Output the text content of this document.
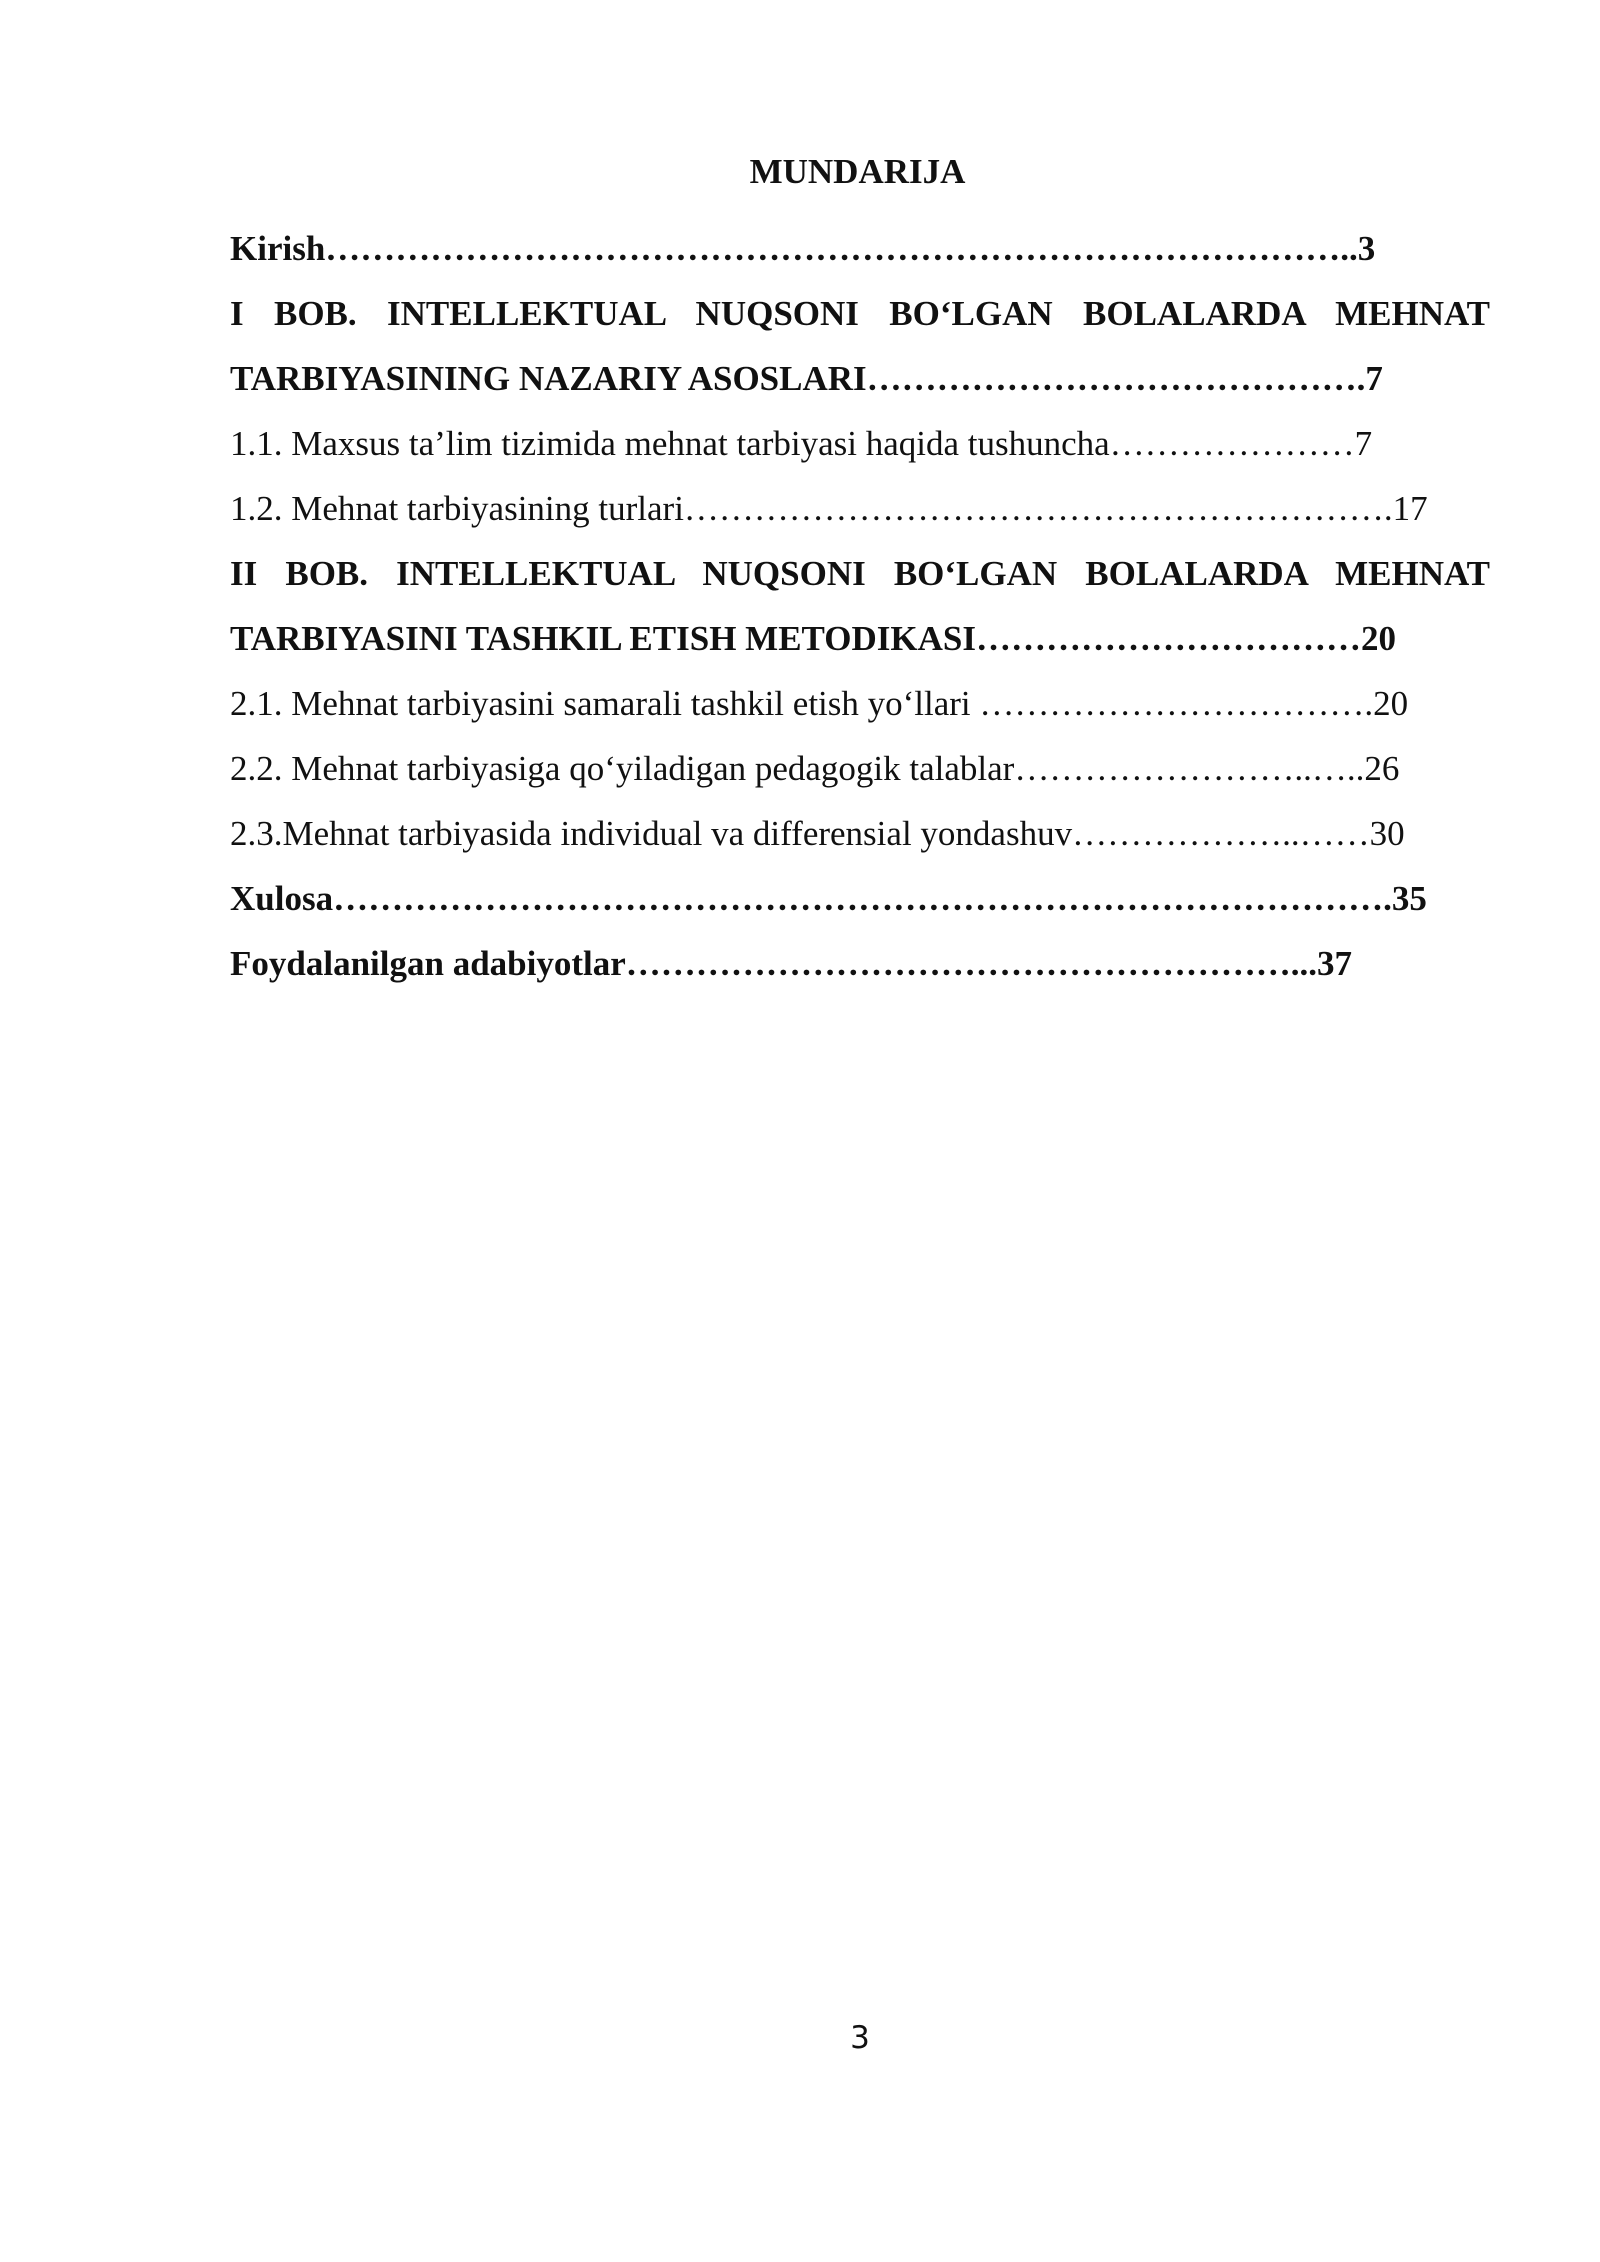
MUNDARIJA
Kirish……………………………………………………………………………..3
I BOB. INTELLEKTUAL NUQSONI BO‘LGAN BOLALARDA MEHNAT
TARBIYASINING NAZARIY ASOSLARI…………………………………….7
1.1. Maxsus ta’lim tizimida mehnat tarbiyasi haqida tushuncha…………………7
1.2. Mehnat tarbiyasining turlari…………………………………………………….17
II BOB. INTELLEKTUAL NUQSONI BO‘LGAN BOLALARDA MEHNAT
TARBIYASINI TASHKIL ETISH METODIKASI……………………………20
2.1. Mehnat tarbiyasini samarali tashkil etish yo‘llari …………………………….20
2.2. Mehnat tarbiyasiga qo‘yiladigan pedagogik talablar……………………..…..26
2.3.Mehnat tarbiyasida individual va differensial yondashuv………………..……30
Xulosa……………………………………………………………………………….35
Foydalanilgan adabiyotlar…………………………………………………...37
3
